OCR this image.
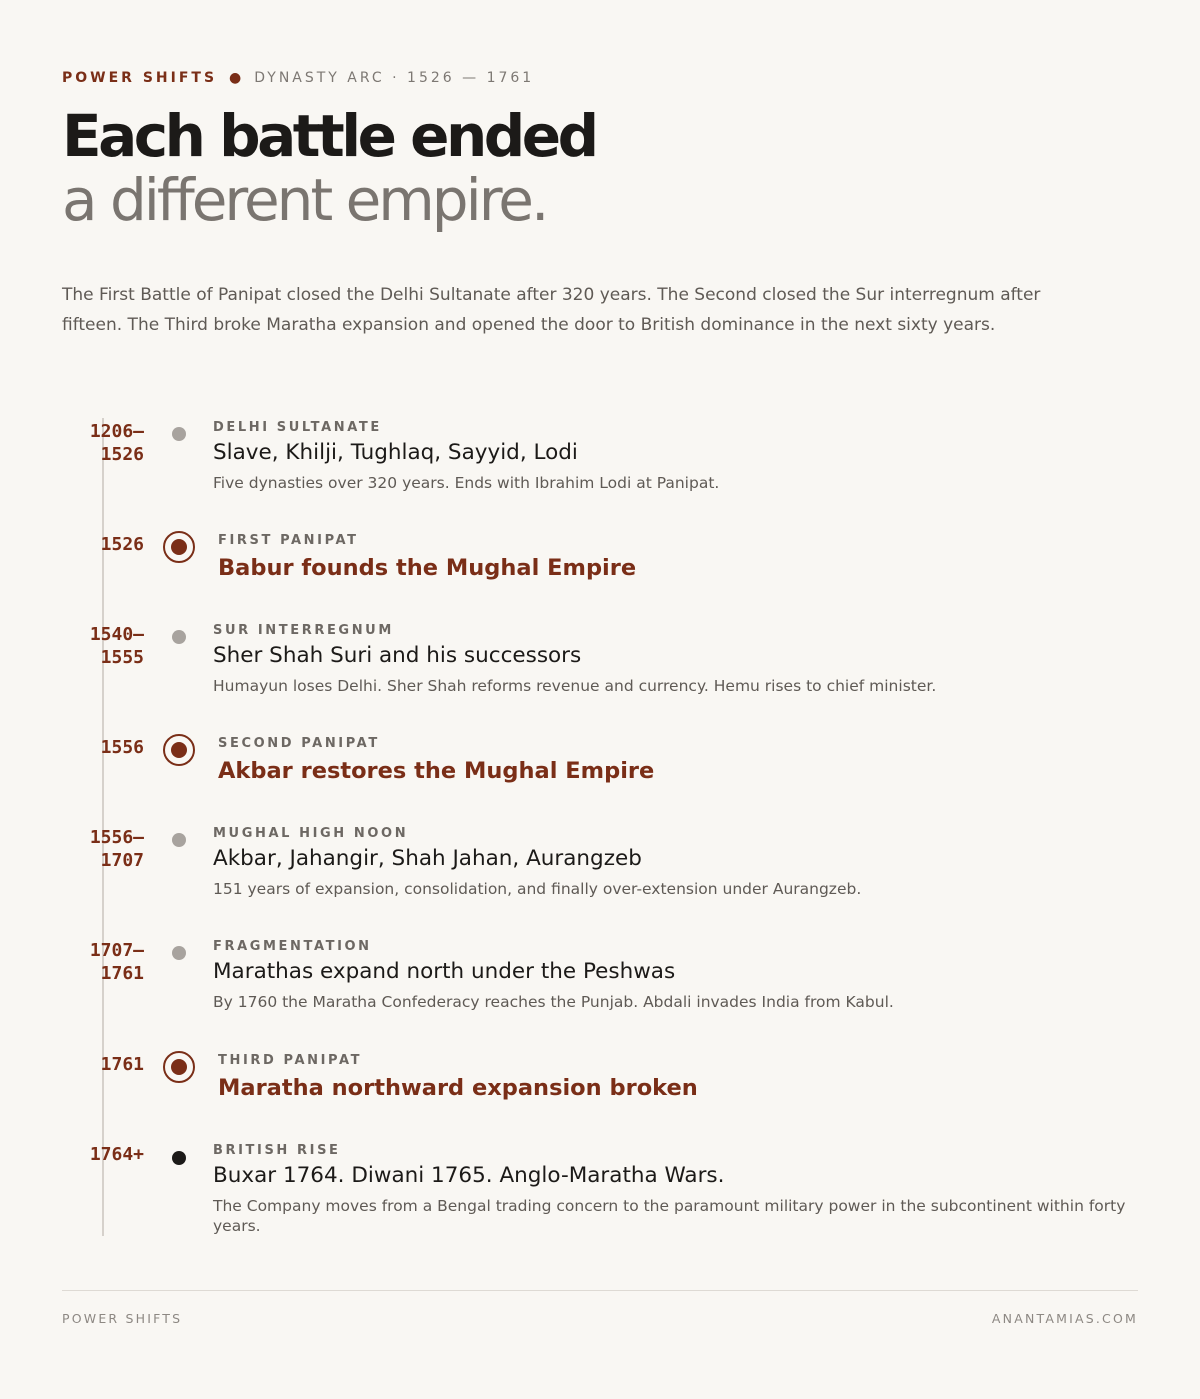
POWER SHIFTS ● DYNASTY ARC · 1526 — 1761
Each battle ended
a different empire.

The First Battle of Panipat closed the Delhi Sultanate after 320 years. The Second closed the Sur interregnum after fifteen. The Third broke Maratha expansion and opened the door to British dominance in the next sixty years.

1206–
1526
DELHI SULTANATE
Slave, Khilji, Tughlaq, Sayyid, Lodi
Five dynasties over 320 years. Ends with Ibrahim Lodi at Panipat.
1526	FIRST PANIPAT
Babur founds the Mughal Empire
1540–
1555
SUR INTERREGNUM
Sher Shah Suri and his successors
Humayun loses Delhi. Sher Shah reforms revenue and currency. Hemu rises to chief minister.
1556	SECOND PANIPAT
Akbar restores the Mughal Empire
1556–
1707
MUGHAL HIGH NOON
Akbar, Jahangir, Shah Jahan, Aurangzeb
151 years of expansion, consolidation, and finally over-extension under Aurangzeb.
1707–
1761
FRAGMENTATION
Marathas expand north under the Peshwas
By 1760 the Maratha Confederacy reaches the Punjab. Abdali invades India from Kabul.
1761	THIRD PANIPAT
Maratha northward expansion broken
1764+	BRITISH RISE
Buxar 1764. Diwani 1765. Anglo-Maratha Wars.
The Company moves from a Bengal trading concern to the paramount military power in the subcontinent within forty years.
POWER SHIFTS	ANANTAMIAS.COM
